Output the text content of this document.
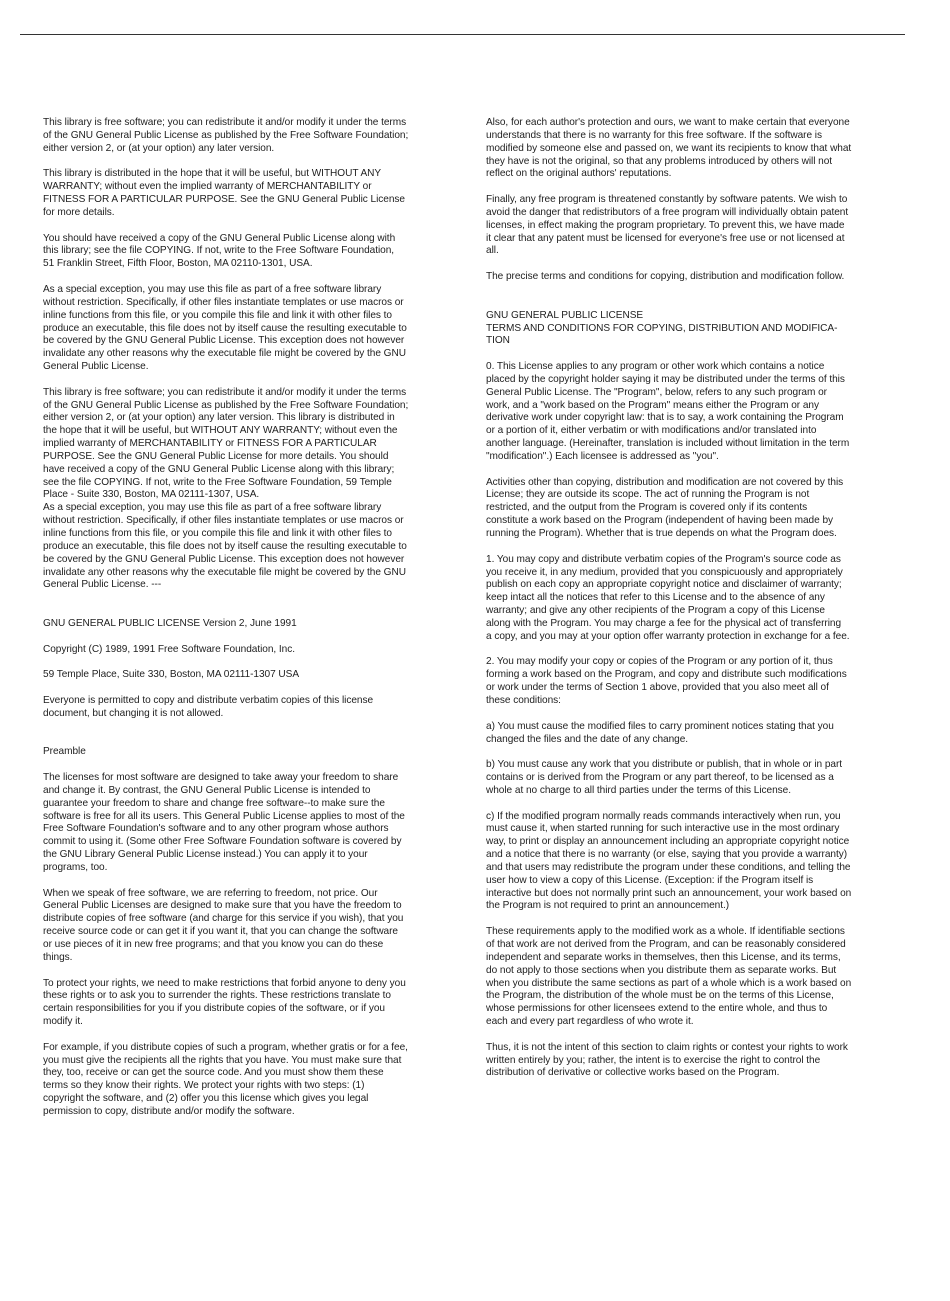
This library is free software; you can redistribute it and/or modify it under the terms
of the GNU General Public License as published by the Free Software Foundation;
either version 2, or (at your option) any later version.

This library is distributed in the hope that it will be useful, but WITHOUT ANY
WARRANTY; without even the implied warranty of MERCHANTABILITY or
FITNESS FOR A PARTICULAR PURPOSE. See the GNU General Public License
for more details.

You should have received a copy of the GNU General Public License along with
this library; see the file COPYING. If not, write to the Free Software Foundation,
51 Franklin Street, Fifth Floor, Boston, MA 02110-1301, USA.

As a special exception, you may use this file as part of a free software library
without restriction. Specifically, if other files instantiate templates or use macros or
inline functions from this file, or you compile this file and link it with other files to
produce an executable, this file does not by itself cause the resulting executable to
be covered by the GNU General Public License. This exception does not however
invalidate any other reasons why the executable file might be covered by the GNU
General Public License.

This library is free software; you can redistribute it and/or modify it under the terms
of the GNU General Public License as published by the Free Software Foundation;
either version 2, or (at your option) any later version. This library is distributed in
the hope that it will be useful, but WITHOUT ANY WARRANTY; without even the
implied warranty of MERCHANTABILITY or FITNESS FOR A PARTICULAR
PURPOSE. See the GNU General Public License for more details. You should
have received a copy of the GNU General Public License along with this library;
see the file COPYING. If not, write to the Free Software Foundation, 59 Temple
Place - Suite 330, Boston, MA 02111-1307, USA.

As a special exception, you may use this file as part of a free software library
without restriction. Specifically, if other files instantiate templates or use macros or
inline functions from this file, or you compile this file and link it with other files to
produce an executable, this file does not by itself cause the resulting executable to
be covered by the GNU General Public License. This exception does not however
invalidate any other reasons why the executable file might be covered by the GNU
General Public License. ---

GNU GENERAL PUBLIC LICENSE Version 2, June 1991

Copyright (C) 1989, 1991 Free Software Foundation, Inc.

59 Temple Place, Suite 330, Boston, MA 02111-1307 USA

Everyone is permitted to copy and distribute verbatim copies of this license
document, but changing it is not allowed.

Preamble

The licenses for most software are designed to take away your freedom to share
and change it. By contrast, the GNU General Public License is intended to
guarantee your freedom to share and change free software--to make sure the
software is free for all its users. This General Public License applies to most of the
Free Software Foundation's software and to any other program whose authors
commit to using it. (Some other Free Software Foundation software is covered by
the GNU Library General Public License instead.) You can apply it to your
programs, too.

When we speak of free software, we are referring to freedom, not price. Our
General Public Licenses are designed to make sure that you have the freedom to
distribute copies of free software (and charge for this service if you wish), that you
receive source code or can get it if you want it, that you can change the software
or use pieces of it in new free programs; and that you know you can do these
things.

To protect your rights, we need to make restrictions that forbid anyone to deny you
these rights or to ask you to surrender the rights. These restrictions translate to
certain responsibilities for you if you distribute copies of the software, or if you
modify it.

For example, if you distribute copies of such a program, whether gratis or for a fee,
you must give the recipients all the rights that you have. You must make sure that
they, too, receive or can get the source code. And you must show them these
terms so they know their rights. We protect your rights with two steps: (1)
copyright the software, and (2) offer you this license which gives you legal
permission to copy, distribute and/or modify the software.

Also, for each author's protection and ours, we want to make certain that everyone
understands that there is no warranty for this free software. If the software is
modified by someone else and passed on, we want its recipients to know that what
they have is not the original, so that any problems introduced by others will not
reflect on the original authors' reputations.

Finally, any free program is threatened constantly by software patents. We wish to
avoid the danger that redistributors of a free program will individually obtain patent
licenses, in effect making the program proprietary. To prevent this, we have made
it clear that any patent must be licensed for everyone's free use or not licensed at
all.

The precise terms and conditions for copying, distribution and modification follow.

GNU GENERAL PUBLIC LICENSE
TERMS AND CONDITIONS FOR COPYING, DISTRIBUTION AND MODIFICA-
TION

0. This License applies to any program or other work which contains a notice
placed by the copyright holder saying it may be distributed under the terms of this
General Public License. The "Program", below, refers to any such program or
work, and a "work based on the Program" means either the Program or any
derivative work under copyright law: that is to say, a work containing the Program
or a portion of it, either verbatim or with modifications and/or translated into
another language. (Hereinafter, translation is included without limitation in the term
"modification".) Each licensee is addressed as "you".

Activities other than copying, distribution and modification are not covered by this
License; they are outside its scope. The act of running the Program is not
restricted, and the output from the Program is covered only if its contents
constitute a work based on the Program (independent of having been made by
running the Program). Whether that is true depends on what the Program does.

1. You may copy and distribute verbatim copies of the Program's source code as
you receive it, in any medium, provided that you conspicuously and appropriately
publish on each copy an appropriate copyright notice and disclaimer of warranty;
keep intact all the notices that refer to this License and to the absence of any
warranty; and give any other recipients of the Program a copy of this License
along with the Program. You may charge a fee for the physical act of transferring
a copy, and you may at your option offer warranty protection in exchange for a fee.

2. You may modify your copy or copies of the Program or any portion of it, thus
forming a work based on the Program, and copy and distribute such modifications
or work under the terms of Section 1 above, provided that you also meet all of
these conditions:

a) You must cause the modified files to carry prominent notices stating that you
changed the files and the date of any change.

b) You must cause any work that you distribute or publish, that in whole or in part
contains or is derived from the Program or any part thereof, to be licensed as a
whole at no charge to all third parties under the terms of this License.

c) If the modified program normally reads commands interactively when run, you
must cause it, when started running for such interactive use in the most ordinary
way, to print or display an announcement including an appropriate copyright notice
and a notice that there is no warranty (or else, saying that you provide a warranty)
and that users may redistribute the program under these conditions, and telling the
user how to view a copy of this License. (Exception: if the Program itself is
interactive but does not normally print such an announcement, your work based on
the Program is not required to print an announcement.)

These requirements apply to the modified work as a whole. If identifiable sections
of that work are not derived from the Program, and can be reasonably considered
independent and separate works in themselves, then this License, and its terms,
do not apply to those sections when you distribute them as separate works. But
when you distribute the same sections as part of a whole which is a work based on
the Program, the distribution of the whole must be on the terms of this License,
whose permissions for other licensees extend to the entire whole, and thus to
each and every part regardless of who wrote it.

Thus, it is not the intent of this section to claim rights or contest your rights to work
written entirely by you; rather, the intent is to exercise the right to control the
distribution of derivative or collective works based on the Program.
